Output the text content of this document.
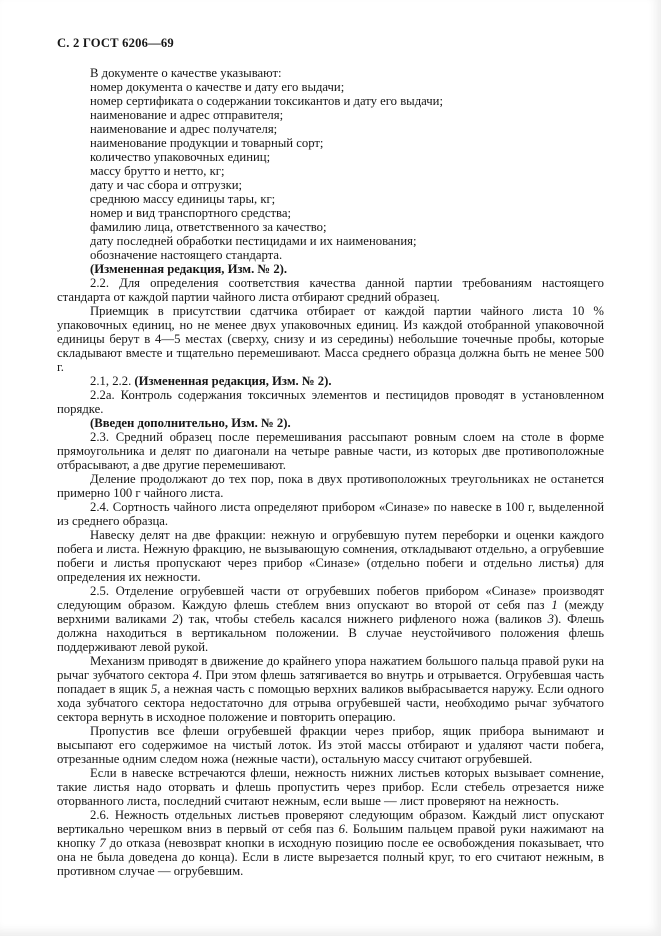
С. 2 ГОСТ 6206—69
В документе о качестве указывают:
номер документа о качестве и дату его выдачи;
номер сертификата о содержании токсикантов и дату его выдачи;
наименование и адрес отправителя;
наименование и адрес получателя;
наименование продукции и товарный сорт;
количество упаковочных единиц;
массу брутто и нетто, кг;
дату и час сбора и отгрузки;
среднюю массу единицы тары, кг;
номер и вид транспортного средства;
фамилию лица, ответственного за качество;
дату последней обработки пестицидами и их наименования;
обозначение настоящего стандарта.
(Измененная редакция, Изм. № 2).
2.2. Для определения соответствия качества данной партии требованиям настоящего стандарта от каждой партии чайного листа отбирают средний образец.
Приемщик в присутствии сдатчика отбирает от каждой партии чайного листа 10 % упаковочных единиц, но не менее двух упаковочных единиц. Из каждой отобранной упаковочной единицы берут в 4—5 местах (сверху, снизу и из середины) небольшие точечные пробы, которые складывают вместе и тщательно перемешивают. Масса среднего образца должна быть не менее 500 г.
2.1, 2.2. (Измененная редакция, Изм. № 2).
2.2а. Контроль содержания токсичных элементов и пестицидов проводят в установленном порядке.
(Введен дополнительно, Изм. № 2).
2.3. Средний образец после перемешивания рассыпают ровным слоем на столе в форме прямоугольника и делят по диагонали на четыре равные части, из которых две противоположные отбрасывают, а две другие перемешивают.
Деление продолжают до тех пор, пока в двух противоположных треугольниках не останется примерно 100 г чайного листа.
2.4. Сортность чайного листа определяют прибором «Синазе» по навеске в 100 г, выделенной из среднего образца.
Навеску делят на две фракции: нежную и огрубевшую путем переборки и оценки каждого побега и листа. Нежную фракцию, не вызывающую сомнения, откладывают отдельно, а огрубевшие побеги и листья пропускают через прибор «Синазе» (отдельно побеги и отдельно листья) для определения их нежности.
2.5. Отделение огрубевшей части от огрубевших побегов прибором «Синазе» производят следующим образом. Каждую флешь стеблем вниз опускают во второй от себя паз 1 (между верхними валиками 2) так, чтобы стебель касался нижнего рифленого ножа (валиков 3). Флешь должна находиться в вертикальном положении. В случае неустойчивого положения флешь поддерживают левой рукой.
Механизм приводят в движение до крайнего упора нажатием большого пальца правой руки на рычаг зубчатого сектора 4. При этом флешь затягивается во внутрь и отрывается. Огрубевшая часть попадает в ящик 5, а нежная часть с помощью верхних валиков выбрасывается наружу. Если одного хода зубчатого сектора недостаточно для отрыва огрубевшей части, необходимо рычаг зубчатого сектора вернуть в исходное положение и повторить операцию.
Пропустив все флеши огрубевшей фракции через прибор, ящик прибора вынимают и высыпают его содержимое на чистый лоток. Из этой массы отбирают и удаляют части побега, отрезанные одним следом ножа (нежные части), остальную массу считают огрубевшей.
Если в навеске встречаются флеши, нежность нижних листьев которых вызывает сомнение, такие листья надо оторвать и флешь пропустить через прибор. Если стебель отрезается ниже оторванного листа, последний считают нежным, если выше — лист проверяют на нежность.
2.6. Нежность отдельных листьев проверяют следующим образом. Каждый лист опускают вертикально черешком вниз в первый от себя паз 6. Большим пальцем правой руки нажимают на кнопку 7 до отказа (невозврат кнопки в исходную позицию после ее освобождения показывает, что она не была доведена до конца). Если в листе вырезается полный круг, то его считают нежным, в противном случае — огрубевшим.
